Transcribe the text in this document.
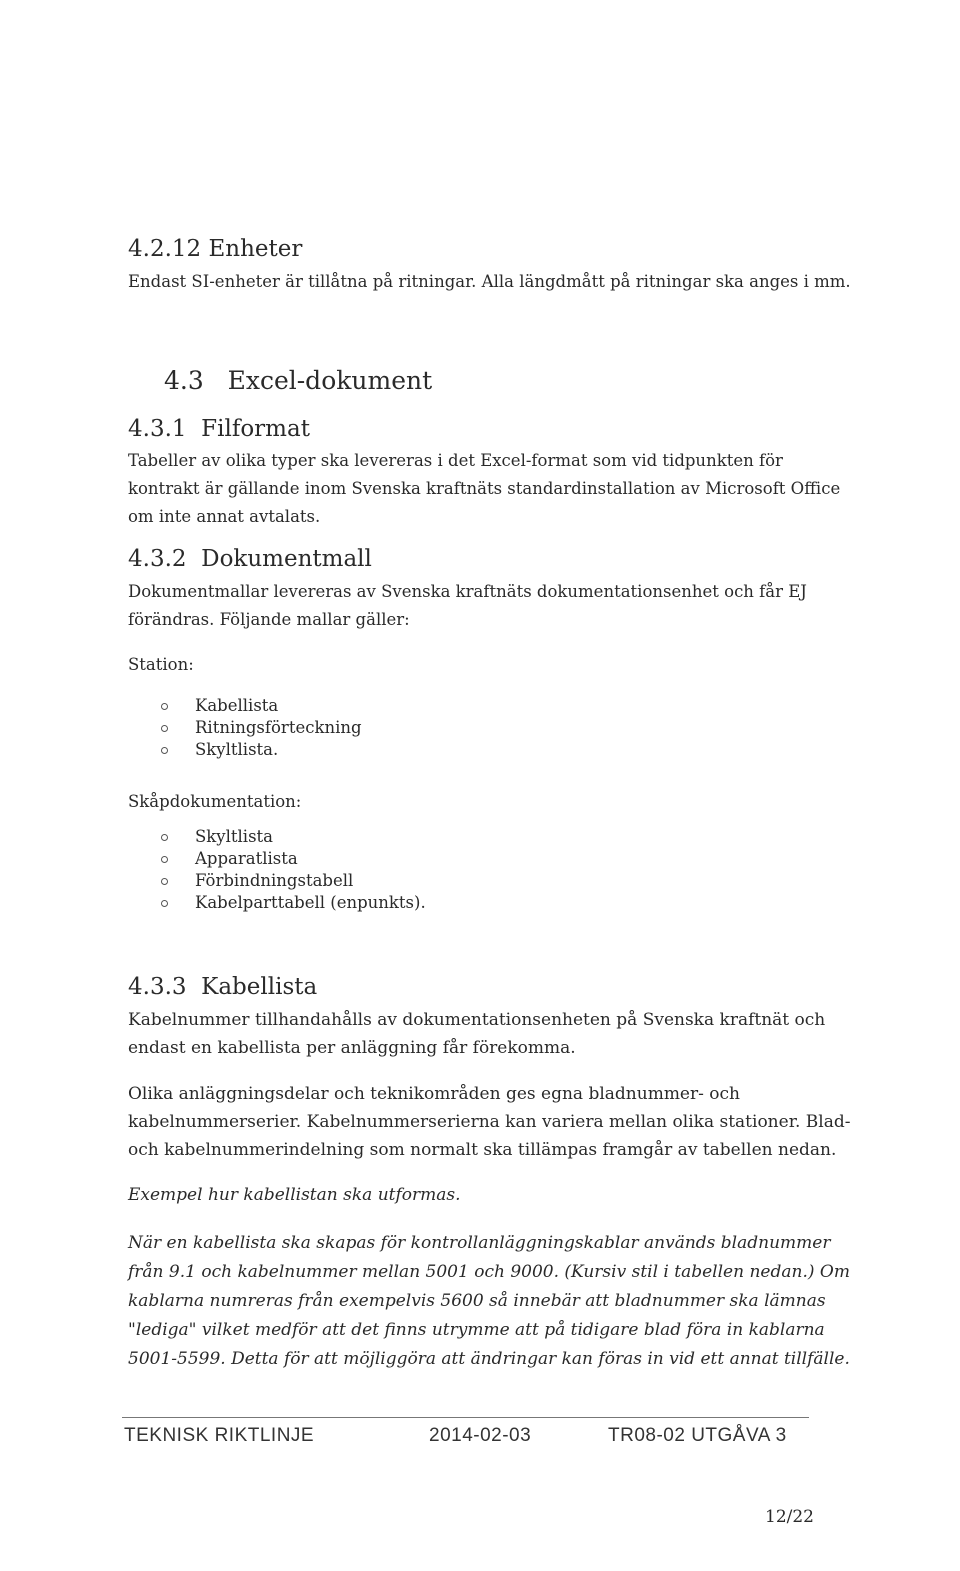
4.2.12 Enheter
Endast SI-enheter är tillåtna på ritningar. Alla längdmått på ritningar ska anges i mm.
4.3   Excel-dokument
4.3.1  Filformat
Tabeller av olika typer ska levereras i det Excel-format som vid tidpunkten för
kontrakt är gällande inom Svenska kraftnäts standardinstallation av Microsoft Office
om inte annat avtalats.
4.3.2  Dokumentmall
Dokumentmallar levereras av Svenska kraftnäts dokumentationsenhet och får EJ
förändras. Följande mallar gäller:
Station:
Kabellista
Ritningsförteckning
Skyltlista.
Skåpdokumentation:
Skyltlista
Apparatlista
Förbindningstabell
Kabelparttabell (enpunkts).
4.3.3  Kabellista
Kabelnummer tillhandahålls av dokumentationsenheten på Svenska kraftnät och
endast en kabellista per anläggning får förekomma.
Olika anläggningsdelar och teknikområden ges egna bladnummer- och
kabelnummerserier. Kabelnummerserierna kan variera mellan olika stationer. Blad-
och kabelnummerindelning som normalt ska tillämpas framgår av tabellen nedan.
Exempel hur kabellistan ska utformas.
När en kabellista ska skapas för kontrollanläggningskablar används bladnummer
från 9.1 och kabelnummer mellan 5001 och 9000. (Kursiv stil i tabellen nedan.) Om
kablarna numreras från exempelvis 5600 så innebär att bladnummer ska lämnas
"lediga" vilket medför att det finns utrymme att på tidigare blad föra in kablarna
5001-5599. Detta för att möjliggöra att ändringar kan föras in vid ett annat tillfälle.
TEKNISK RIKTLINJE	2014-02-03	TR08-02 UTGÅVA 3
12/22
